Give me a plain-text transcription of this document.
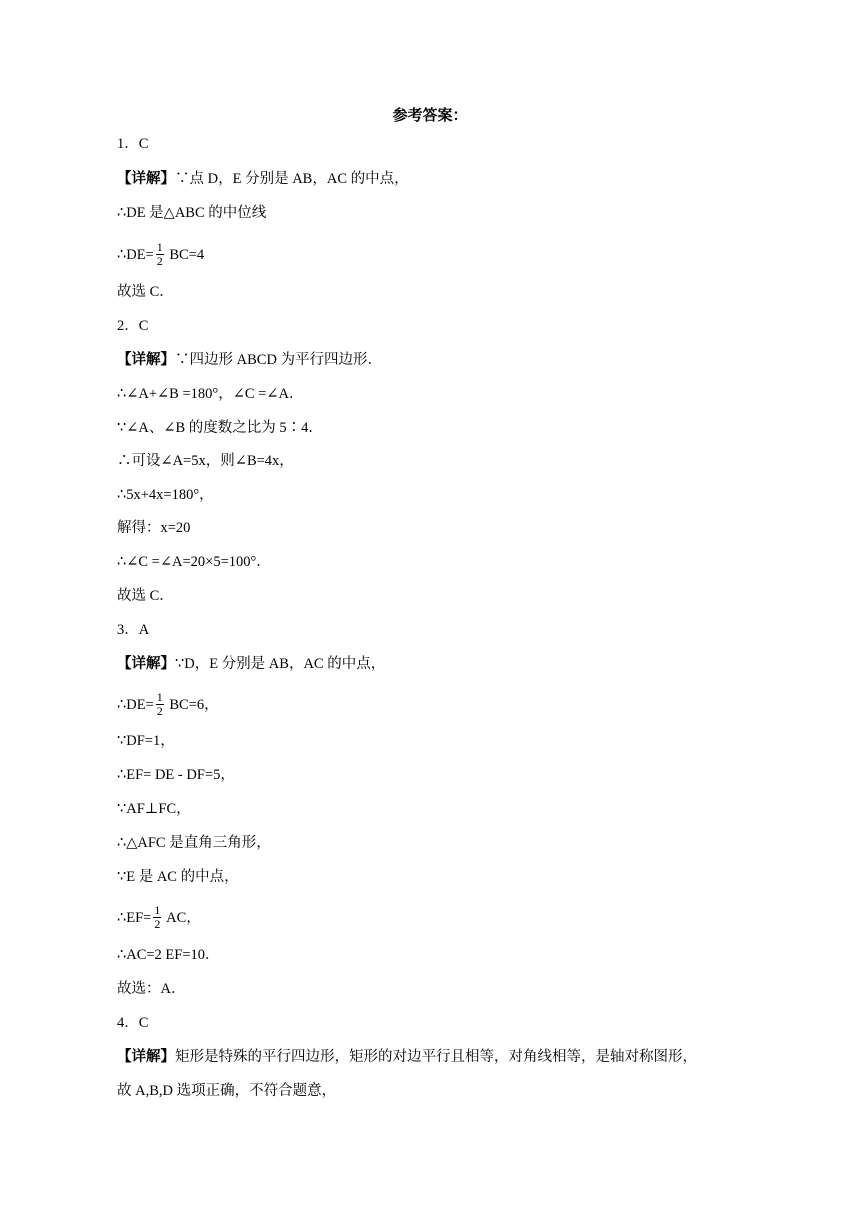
参考答案：
1．C
【详解】∵点 D，E 分别是 AB，AC 的中点，
∴DE 是△ABC 的中位线
∴DE= $\frac{1}{2} BC=4$
故选 C．
2．C
【详解】∵四边形 ABCD 为平行四边形．
∴∠A+∠B =180°，∠C =∠A．
∵∠A、∠B 的度数之比为 5∶4．
∴可设∠A=5x，则∠B=4x，
∴5x+4x=180°，
解得：x=20
∴∠C =∠A=20×5=100°．
故选 C．
3．A
【详解】∵D，E 分别是 AB，AC 的中点，
∴DE= $\frac{1}{2} BC=6$，
∵DF=1，
∴EF= DE - DF=5，
∵AF⊥FC，
∴△AFC 是直角三角形，
∵E 是 AC 的中点，
∴EF= $\frac{1}{2}$ AC，
∴AC=2 EF=10．
故选：A．
4．C
【详解】矩形是特殊的平行四边形，矩形的对边平行且相等，对角线相等，是轴对称图形，
故 A,B,D 选项正确，不符合题意，
